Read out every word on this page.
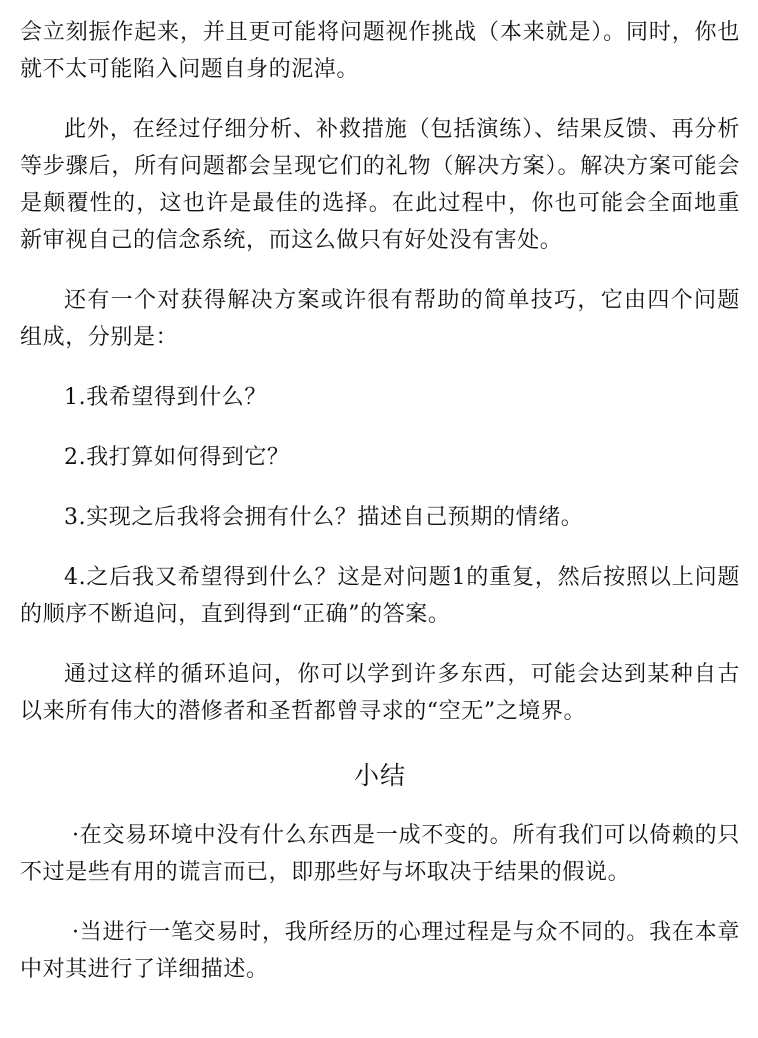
会立刻振作起来，并且更可能将问题视作挑战（本来就是）。同时，你也就不太可能陷入问题自身的泥淖。

此外，在经过仔细分析、补救措施（包括演练）、结果反馈、再分析等步骤后，所有问题都会呈现它们的礼物（解决方案）。解决方案可能会是颠覆性的，这也许是最佳的选择。在此过程中，你也可能会全面地重新审视自己的信念系统，而这么做只有好处没有害处。

还有一个对获得解决方案或许很有帮助的简单技巧，它由四个问题组成，分别是：

1.我希望得到什么？

2.我打算如何得到它？

3.实现之后我将会拥有什么？描述自己预期的情绪。

4.之后我又希望得到什么？这是对问题1的重复，然后按照以上问题的顺序不断追问，直到得到“正确”的答案。

通过这样的循环追问，你可以学到许多东西，可能会达到某种自古以来所有伟大的潜修者和圣哲都曾寻求的“空无”之境界。

小结

·在交易环境中没有什么东西是一成不变的。所有我们可以倚赖的只不过是些有用的谎言而已，即那些好与坏取决于结果的假说。

·当进行一笔交易时，我所经历的心理过程是与众不同的。我在本章中对其进行了详细描述。
